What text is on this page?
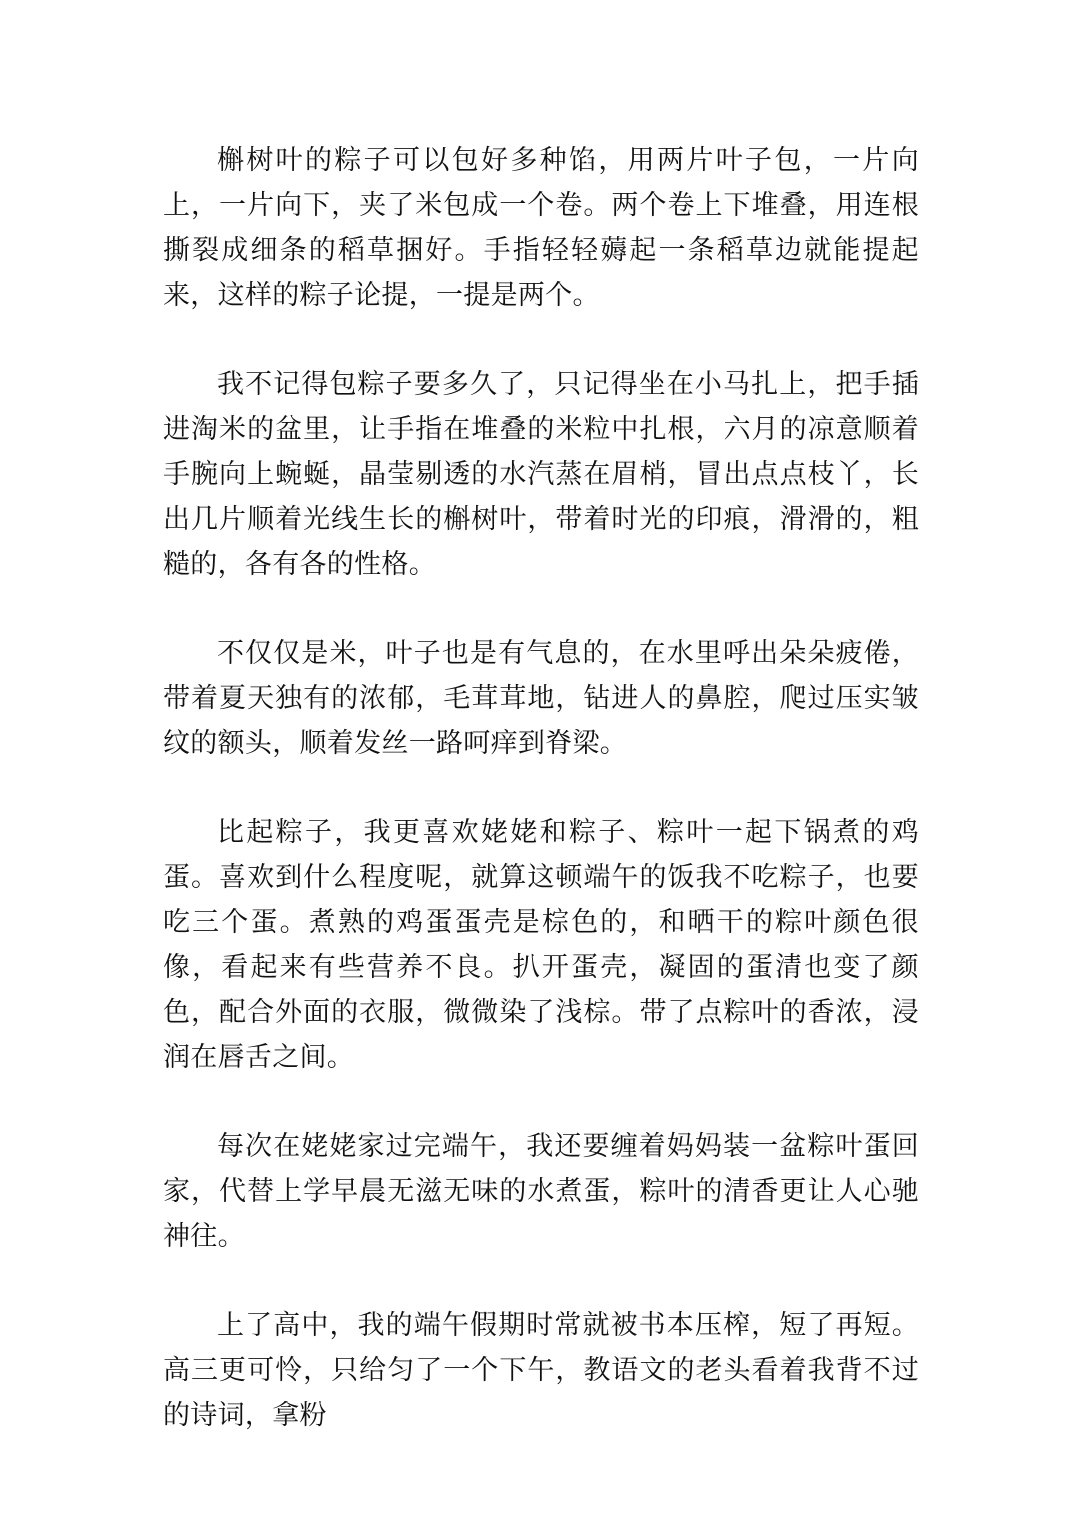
槲树叶的粽子可以包好多种馅，用两片叶子包，一片向上，一片向下，夹了米包成一个卷。两个卷上下堆叠，用连根撕裂成细条的稻草捆好。手指轻轻薅起一条稻草边就能提起来，这样的粽子论提，一提是两个。

我不记得包粽子要多久了，只记得坐在小马扎上，把手插进淘米的盆里，让手指在堆叠的米粒中扎根，六月的凉意顺着手腕向上蜿蜒，晶莹剔透的水汽蒸在眉梢，冒出点点枝丫，长出几片顺着光线生长的槲树叶，带着时光的印痕，滑滑的，粗糙的，各有各的性格。

不仅仅是米，叶子也是有气息的，在水里呼出朵朵疲倦，带着夏天独有的浓郁，毛茸茸地，钻进人的鼻腔，爬过压实皱纹的额头，顺着发丝一路呵痒到脊梁。

比起粽子，我更喜欢姥姥和粽子、粽叶一起下锅煮的鸡蛋。喜欢到什么程度呢，就算这顿端午的饭我不吃粽子，也要吃三个蛋。煮熟的鸡蛋蛋壳是棕色的，和晒干的粽叶颜色很像，看起来有些营养不良。扒开蛋壳，凝固的蛋清也变了颜色，配合外面的衣服，微微染了浅棕。带了点粽叶的香浓，浸润在唇舌之间。

每次在姥姥家过完端午，我还要缠着妈妈装一盆粽叶蛋回家，代替上学早晨无滋无味的水煮蛋，粽叶的清香更让人心驰神往。

上了高中，我的端午假期时常就被书本压榨，短了再短。高三更可怜，只给匀了一个下午，教语文的老头看着我背不过的诗词，拿粉
